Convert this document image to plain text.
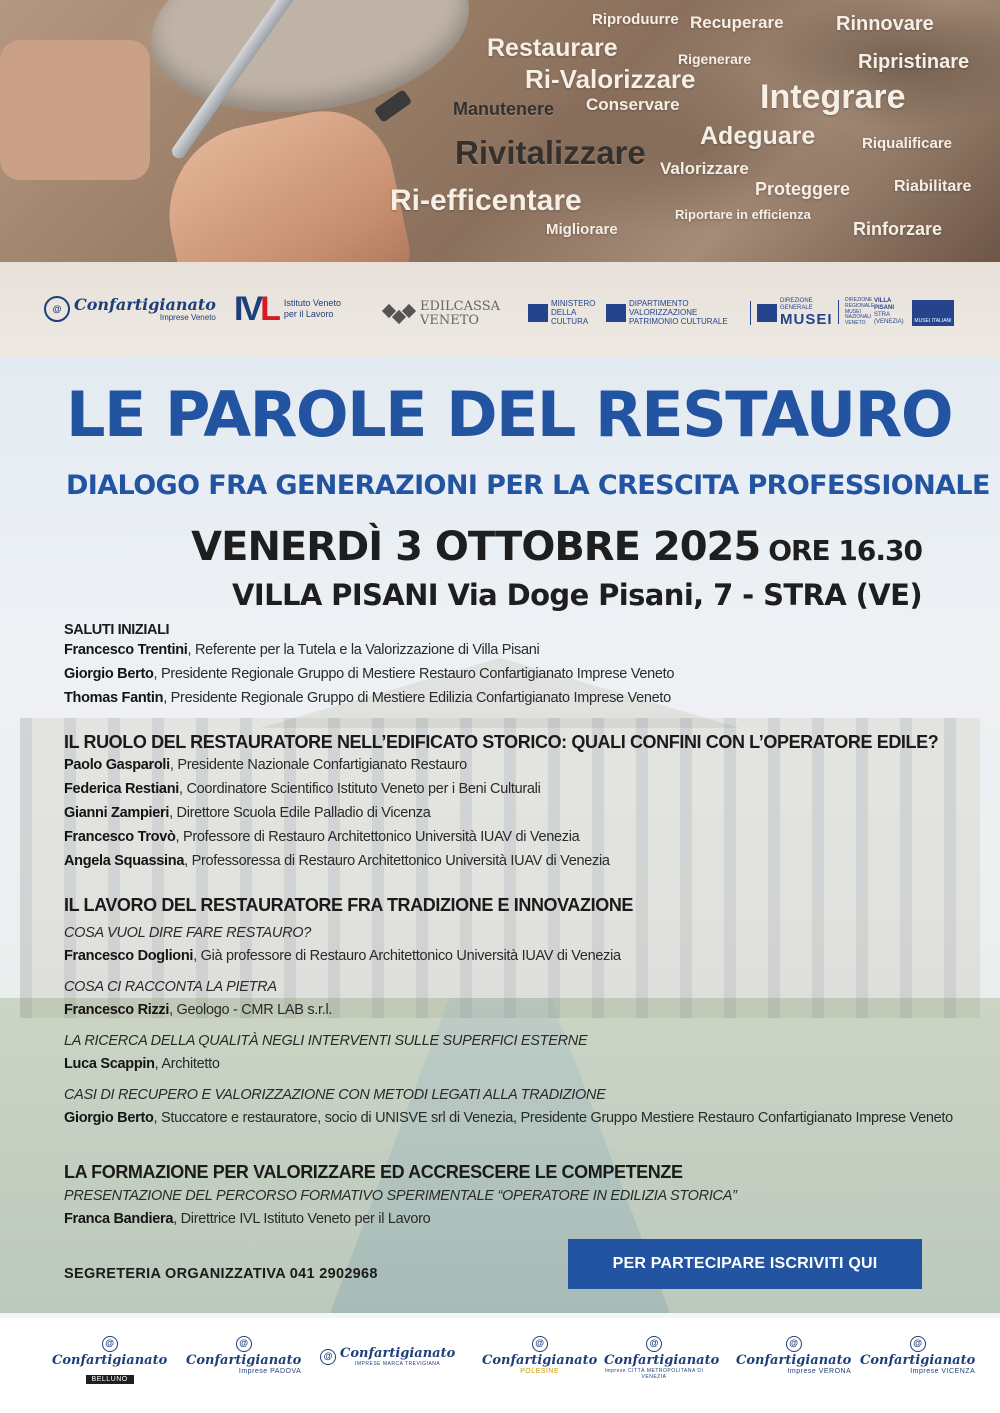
Riproduurre Recuperare	Rinnovare
Restaurare
Ri-Valorizzare
Rigenerare	Ripristinare
Manutenere Conservare Integrare
Adeguare
Rivitalizzare	Riqualificare
Valorizzare
Proteggere	Riabilitare
Ri-efficentare	Riportare in efficienza
Migliorare	Rinforzare
@ Confartigianato
Imprese Veneto IVL Istituto Veneto
per il Lavoro	EDILCASSA
VENETO
MINISTERO
DELLA
CULTURA
DIPARTIMENTO
VALORIZZAZIONE
PATRIMONIO CULTURALE
DIREZIONE
GENERALE
MUSEI
DIREZIONE
REGIONALE
MUSEI
NAZIONALI
VENETO
VILLA
PISANI
STRA
(VENEZIA)	MUSEI ITALIANI
LE PAROLE DEL RESTAURO
DIALOGO FRA GENERAZIONI PER LA CRESCITA PROFESSIONALE
VENERDÌ 3 OTTOBRE 2025 ORE 16.30
VILLA PISANI Via Doge Pisani, 7 - STRA (VE)
SALUTI INIZIALI
Francesco Trentini, Referente per la Tutela e la Valorizzazione di Villa Pisani
Giorgio Berto, Presidente Regionale Gruppo di Mestiere Restauro Confartigianato Imprese Veneto
Thomas Fantin, Presidente Regionale Gruppo di Mestiere Edilizia Confartigianato Imprese Veneto
IL RUOLO DEL RESTAURATORE NELL’EDIFICATO STORICO: QUALI CONFINI CON L’OPERATORE EDILE?
Paolo Gasparoli, Presidente Nazionale Confartigianato Restauro
Federica Restiani, Coordinatore Scientifico Istituto Veneto per i Beni Culturali
Gianni Zampieri, Direttore Scuola Edile Palladio di Vicenza
Francesco Trovò, Professore di Restauro Architettonico Università IUAV di Venezia
Angela Squassina, Professoressa di Restauro Architettonico Università IUAV di Venezia
IL LAVORO DEL RESTAURATORE FRA TRADIZIONE E INNOVAZIONE
COSA VUOL DIRE FARE RESTAURO?
Francesco Doglioni, Già professore di Restauro Architettonico Università IUAV di Venezia
COSA CI RACCONTA LA PIETRA
Francesco Rizzi, Geologo - CMR LAB s.r.l.
LA RICERCA DELLA QUALITÀ NEGLI INTERVENTI SULLE SUPERFICI ESTERNE
Luca Scappin, Architetto
CASI DI RECUPERO E VALORIZZAZIONE CON METODI LEGATI ALLA TRADIZIONE
Giorgio Berto, Stuccatore e restauratore, socio di UNISVE srl di Venezia, Presidente Gruppo Mestiere Restauro Confartigianato Imprese Veneto
LA FORMAZIONE PER VALORIZZARE ED ACCRESCERE LE COMPETENZE
PRESENTAZIONE DEL PERCORSO FORMATIVO SPERIMENTALE “OPERATORE IN EDILIZIA STORICA”
Franca Bandiera, Direttrice IVL Istituto Veneto per il Lavoro
PER PARTECIPARE ISCRIVITI QUI
SEGRETERIA ORGANIZZATIVA 041 2902968
@
Confartigianato
BELLUNO
@
Confartigianato
Imprese PADOVA
@ Confartigianato
IMPRESE MARCA TREVIGIANA
@
Confartigianato
POLESINE
@
Confartigianato
Imprese CITTÀ METROPOLITANA DI VENEZIA
@
Confartigianato
Imprese VERONA
@
Confartigianato
Imprese VICENZA
